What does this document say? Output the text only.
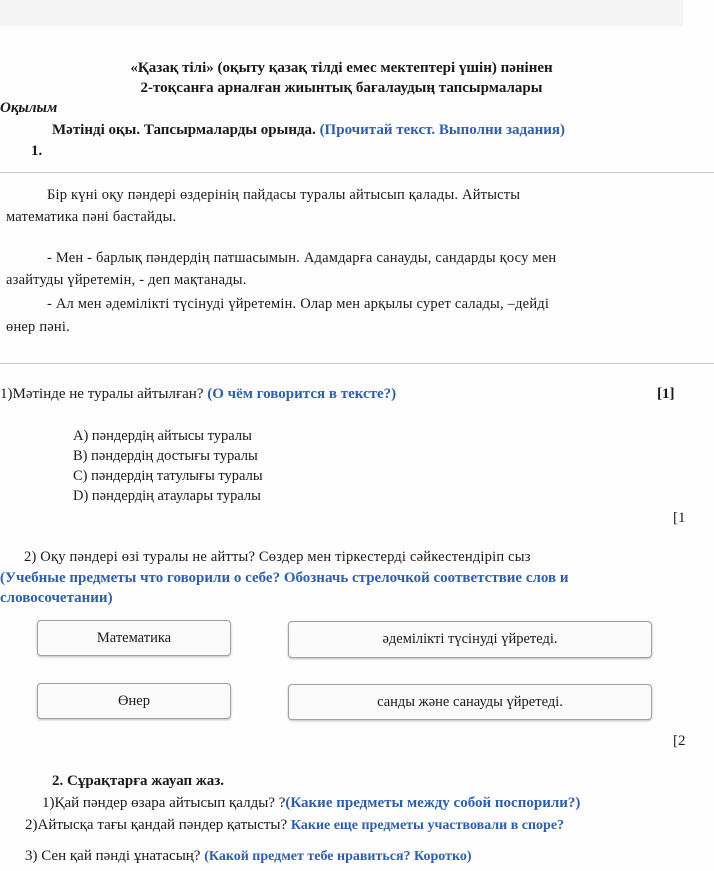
«Қазақ тілі» (оқыту қазақ тілді емес мектептері үшін) пәнінен
2-тоқсанға арналған жиынтық бағалаудың тапсырмалары
Оқылым
Мәтінді оқы. Тапсырмаларды орында. (Прочитай текст. Выполни задания)
1.
Бір күні оқу пәндері өздерінің пайдасы туралы айтысып қалады. Айтысты
математика пәні бастайды.
- Мен - барлық пәндердің патшасымын. Адамдарға санауды, сандарды қосу мен
азайтуды үйретемін, - деп мақтанады.
- Ал мен әдемілікті түсінуді үйретемін. Олар мен арқылы сурет салады, –дейді
өнер пәні.
1)Мәтінде не туралы айтылған? (О чём говорится в тексте?)	[1]
А) пәндердің айтысы туралы
В) пәндердің достығы туралы
С) пәндердің татулығы туралы
D) пәндердің атаулары туралы
[1
2) Оқу пәндері өзі туралы не айтты? Сөздер мен тіркестерді сәйкестендіріп сыз
(Учебные предметы что говорили о себе? Обозначь стрелочкой соответствие слов и
словосочетании)
Математика	әдемілікті түсінуді үйретеді.
Өнер	санды және санауды үйретеді.
[2
2. Сұрақтарға жауап жаз.
1)Қай пәндер өзара айтысып қалды? ?(Какие предметы между собой поспорили?)
2)Айтысқа тағы қандай пәндер қатысты? Какие еще предметы участвовали в споре?
3) Сен қай пәнді ұнатасың? (Какой предмет тебе нравиться? Коротко)
